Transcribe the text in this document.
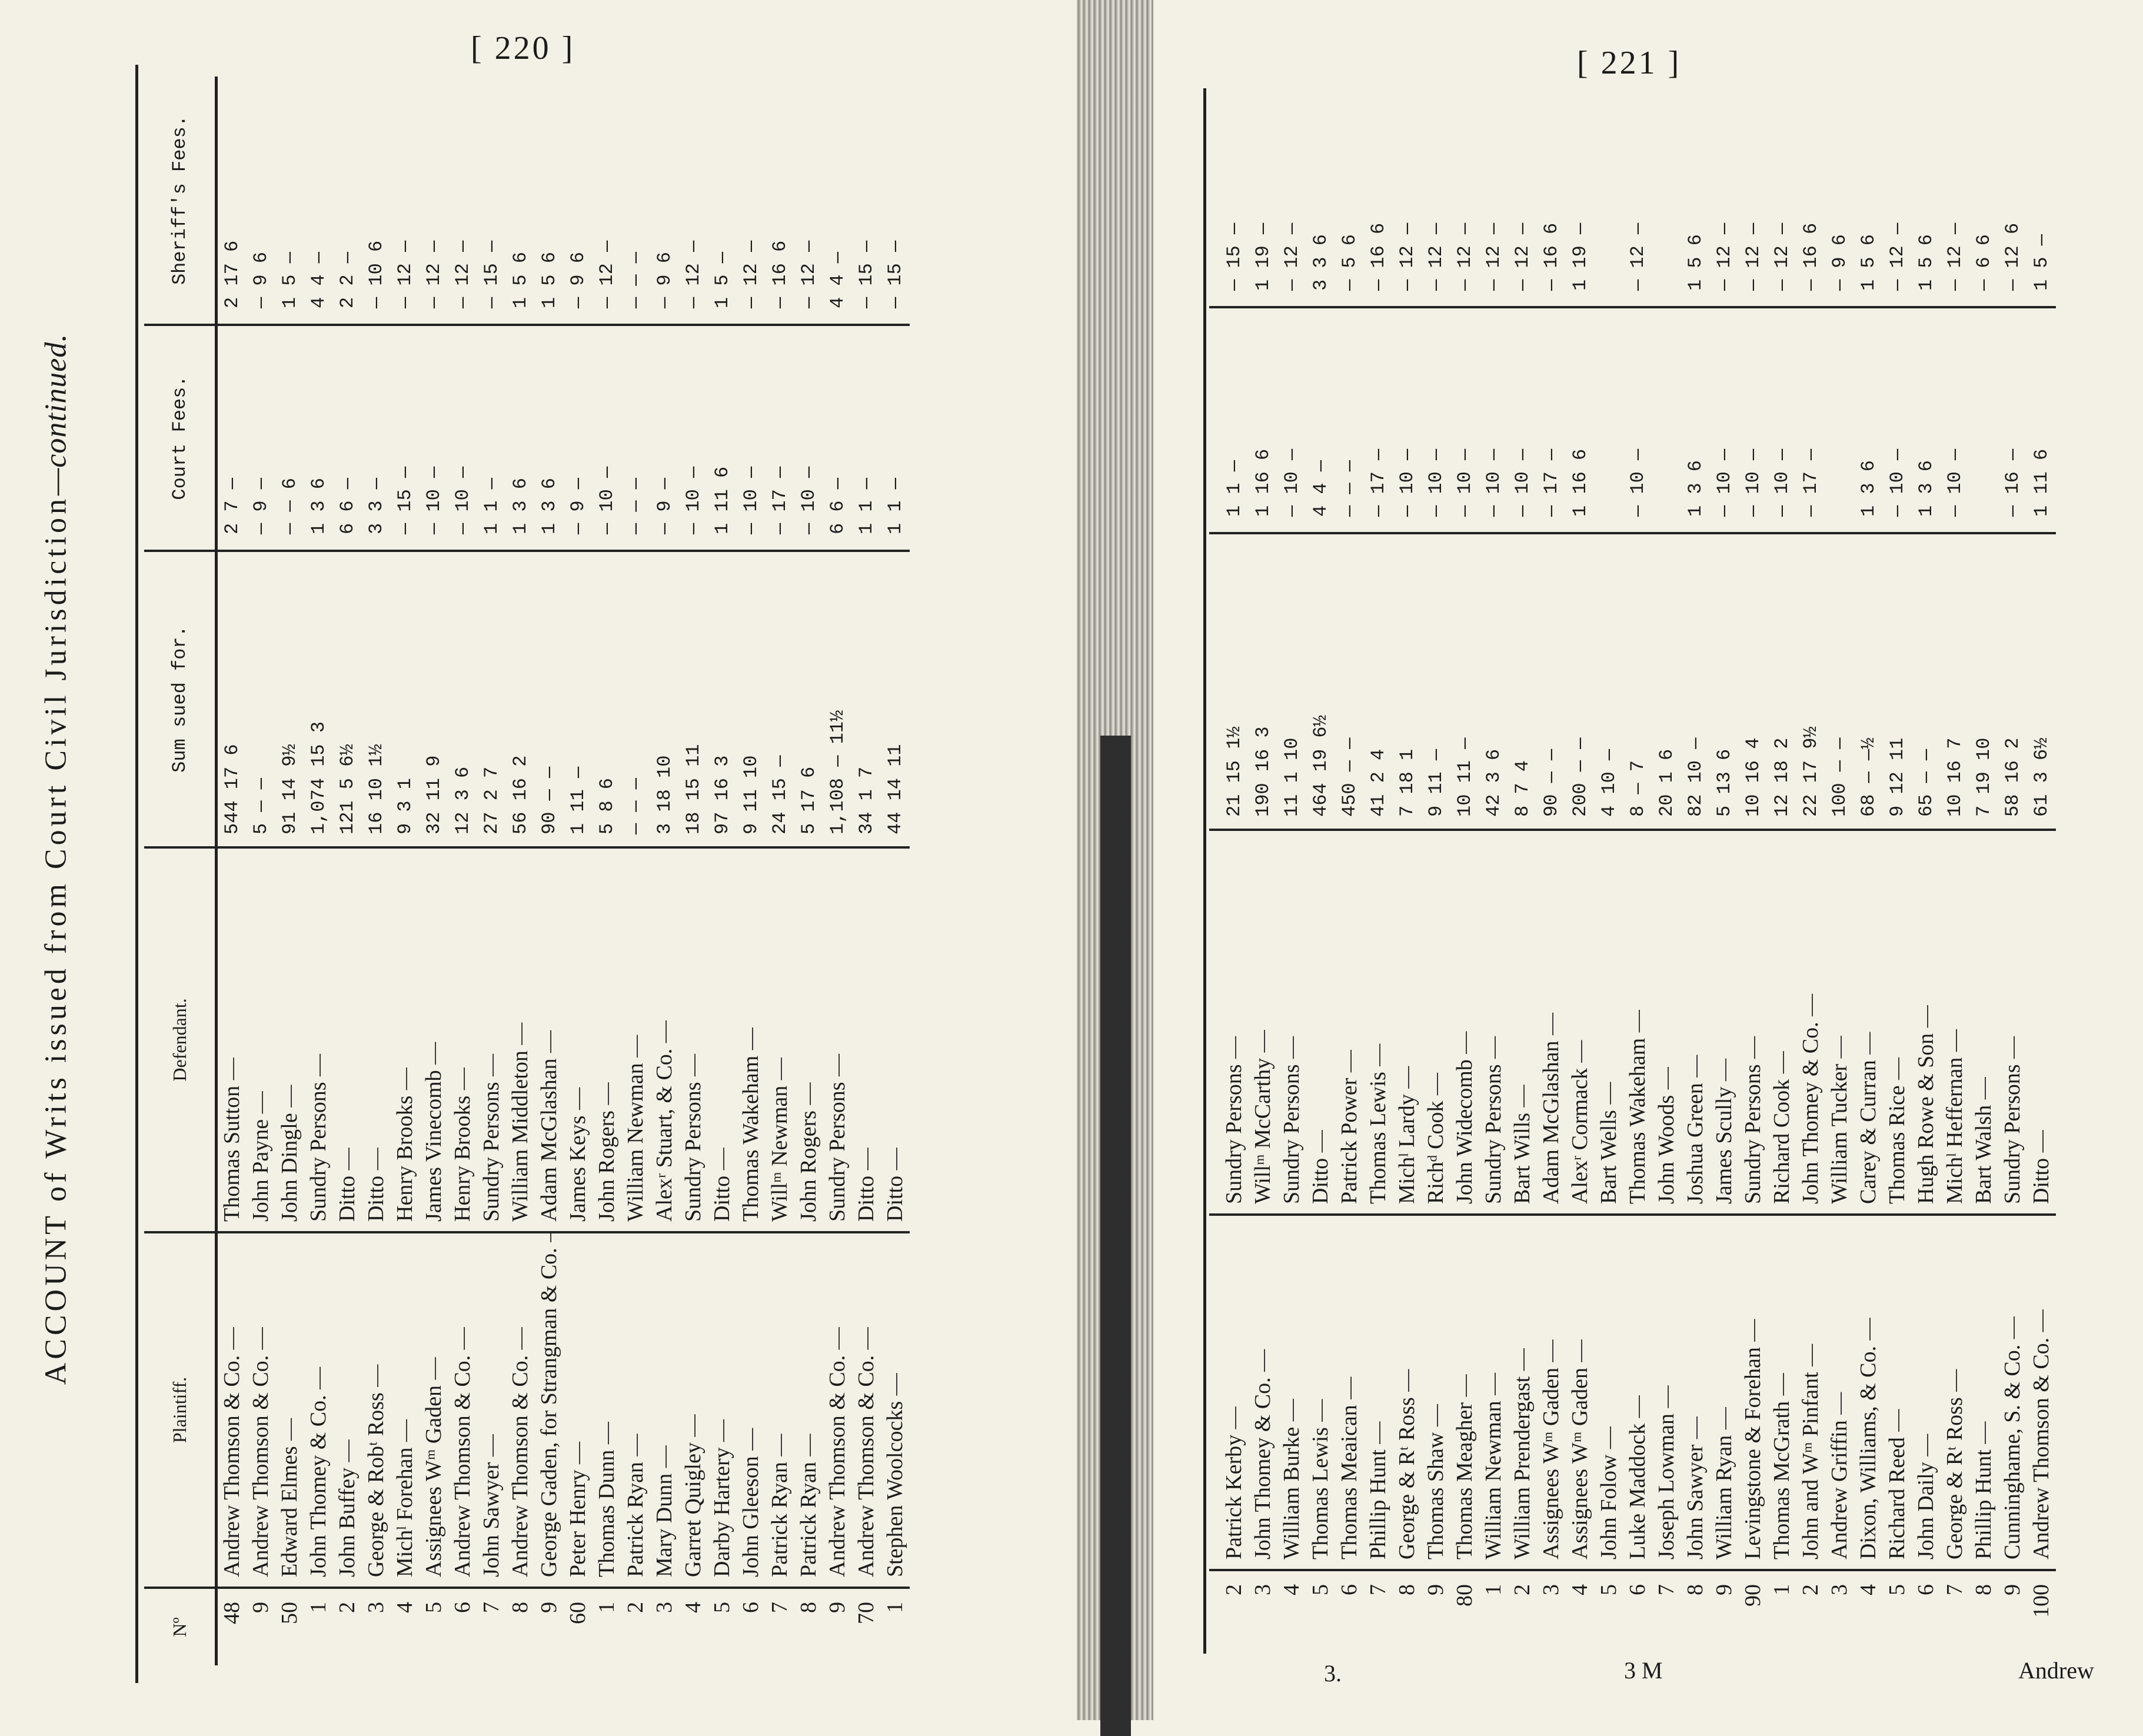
[ 220 ]
ACCOUNT of Writs issued from Court Civil Jurisdiction—continued.
Nº	Plaintiff.	Defendant.	Sum sued for.	Court Fees.	Sheriff's Fees.
48	Andrew Thomson & Co. —	Thomas Sutton —	544 17 6	2 7 —	2 17 6
9	Andrew Thomson & Co. —	John Payne —	5 — —	— 9 —	— 9 6
50	Edward Elmes —	John Dingle —	91 14 9½	— — 6	1 5 —
1	John Thomey & Co. —	Sundry Persons —	1,074 15 3	1 3 6	4 4 —
2	John Buffey —	Ditto —	121 5 6½	6 6 —	2 2 —
3	George & Robᵗ Ross —	Ditto —	16 10 1½	3 3 —	— 10 6
4	Michˡ Forehan —	Henry Brooks —	9 3 1	— 15 —	— 12 —
5	Assignees Wᵐ Gaden —	James Vinecomb —	32 11 9	— 10 —	— 12 —
6	Andrew Thomson & Co. —	Henry Brooks —	12 3 6	— 10 —	— 12 —
7	John Sawyer —	Sundry Persons —	27 2 7	1 1 —	— 15 —
8	Andrew Thomson & Co. —	William Middleton —	56 16 2	1 3 6	1 5 6
9	George Gaden, for Strangman & Co. —	Adam McGlashan —	90 — —	1 3 6	1 5 6
60	Peter Henry —	James Keys —	1 11 —	— 9 —	— 9 6
1	Thomas Dunn —	John Rogers —	5 8 6	— 10 —	— 12 —
2	Patrick Ryan —	William Newman —	— — —	— — —	— — —
3	Mary Dunn —	Alexʳ Stuart, & Co. —	3 18 10	— 9 —	— 9 6
4	Garret Quigley —	Sundry Persons —	18 15 11	— 10 —	— 12 —
5	Darby Hartery —	Ditto —	97 16 3	1 11 6	1 5 —
6	John Gleeson —	Thomas Wakeham —	9 11 10	— 10 —	— 12 —
7	Patrick Ryan —	Willᵐ Newman —	24 15 —	— 17 —	— 16 6
8	Patrick Ryan —	John Rogers —	5 17 6	— 10 —	— 12 —
9	Andrew Thomson & Co. —	Sundry Persons —	1,108 — 11½	6 6 —	4 4 —
70	Andrew Thomson & Co. —	Ditto —	34 1 7	1 1 —	— 15 —
1	Stephen Woolcocks —	Ditto —	44 14 11	1 1 —	— 15 —
[ 221 ]

2	Patrick Kerby —	Sundry Persons —	21 15 1½	1 1 —	— 15 —
3	John Thomey & Co. —	Willᵐ McCarthy —	190 16 3	1 16 6	1 19 —
4	William Burke —	Sundry Persons —	11 1 10	— 10 —	— 12 —
5	Thomas Lewis —	Ditto —	464 19 6½	4 4 —	3 3 6
6	Thomas Meaican —	Patrick Power —	450 — —	— — —	— 5 6
7	Phillip Hunt —	Thomas Lewis —	41 2 4	— 17 —	— 16 6
8	George & Rᵗ Ross —	Michˡ Lardy —	7 18 1	— 10 —	— 12 —
9	Thomas Shaw —	Richᵈ Cook —	9 11 —	— 10 —	— 12 —
80	Thomas Meagher —	John Widecomb —	10 11 —	— 10 —	— 12 —
1	William Newman —	Sundry Persons —	42 3 6	— 10 —	— 12 —
2	William Prendergast —	Bart Wills —	8 7 4	— 10 —	— 12 —
3	Assignees Wᵐ Gaden —	Adam McGlashan —	90 — —	— 17 —	— 16 6
4	Assignees Wᵐ Gaden —	Alexʳ Cormack —	200 — —	1 16 6	1 19 —
5	John Folow —	Bart Wells —	4 10 —		
6	Luke Maddock —	Thomas Wakeham —	8 — 7	— 10 —	— 12 —
7	Joseph Lowman —	John Woods —	20 1 6		
8	John Sawyer —	Joshua Green —	82 10 —	1 3 6	1 5 6
9	William Ryan —	James Scully —	5 13 6	— 10 —	— 12 —
90	Levingstone & Forehan —	Sundry Persons —	10 16 4	— 10 —	— 12 —
1	Thomas McGrath —	Richard Cook —	12 18 2	— 10 —	— 12 —
2	John and Wᵐ Pinfant —	John Thomey & Co. —	22 17 9½	— 17 —	— 16 6
3	Andrew Griffin —	William Tucker —	100 — —		— 9 6
4	Dixon, Williams, & Co. —	Carey & Curran —	68 — —½	1 3 6	1 5 6
5	Richard Reed —	Thomas Rice —	9 12 11	— 10 —	— 12 —
6	John Daily —	Hugh Rowe & Son —	65 — —	1 3 6	1 5 6
7	George & Rᵗ Ross —	Michˡ Heffernan —	10 16 7	— 10 —	— 12 —
8	Phillip Hunt —	Bart Walsh —	7 19 10		— 6 6
9	Cunninghame, S. & Co. —	Sundry Persons —	58 16 2	— 16 —	— 12 6
100	Andrew Thomson & Co. —	Ditto —	61 3 6½	1 11 6	1 5 —
3.	3 M	Andrew
